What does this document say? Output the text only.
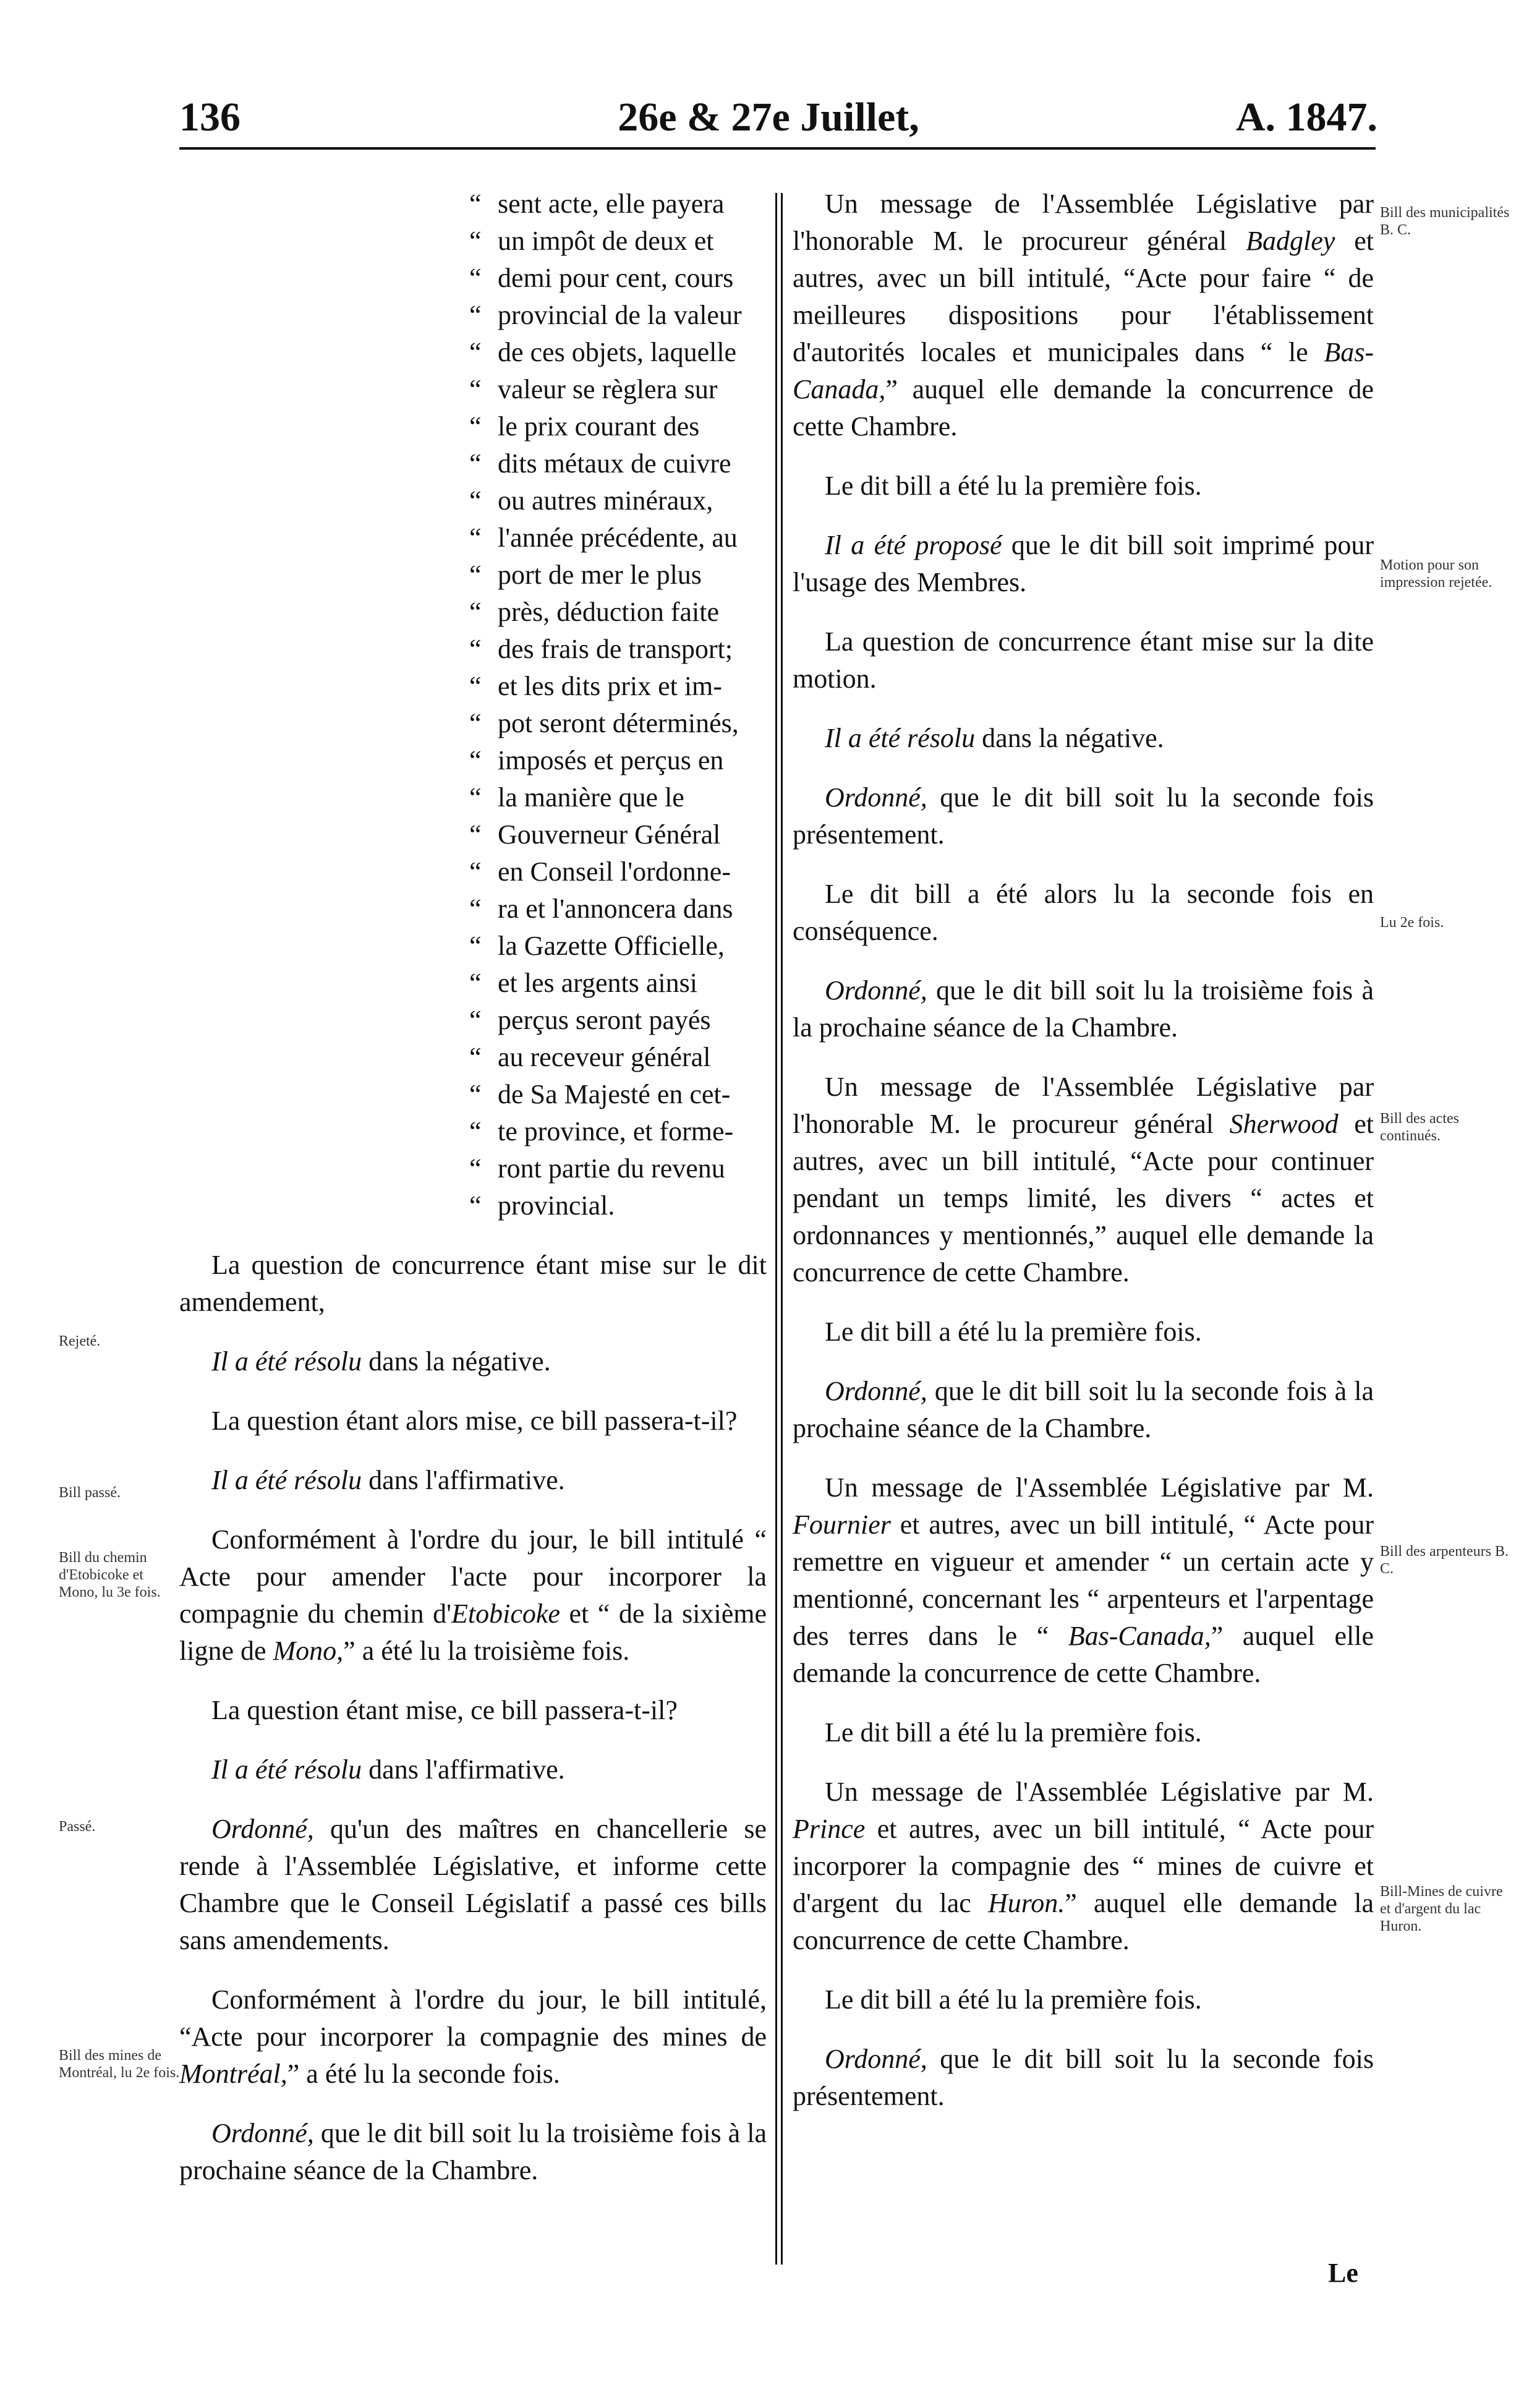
26e & 27e Juillet,
136	A. 1847.
“ sent acte, elle payera
“ un impôt de deux et
“ demi pour cent, cours
“ provincial de la valeur
“ de ces objets, laquelle
“ valeur se règlera sur
“ le prix courant des
“ dits métaux de cuivre
“ ou autres minéraux,
“ l'année précédente, au
“ port de mer le plus
“ près, déduction faite
“ des frais de transport;
“ et les dits prix et im-
“ pot seront déterminés,
“ imposés et perçus en
“ la manière que le
“ Gouverneur Général
“ en Conseil l'ordonne-
“ ra et l'annoncera dans
“ la Gazette Officielle,
“ et les argents ainsi
“ perçus seront payés
“ au receveur général
“ de Sa Majesté en cet-
“ te province, et forme-
“ ront partie du revenu
“ provincial.

La question de concurrence étant mise sur le dit amendement,

Il a été résolu dans la négative.

La question étant alors mise, ce bill passera-t-il?

Il a été résolu dans l'affirmative.

Conformément à l'ordre du jour, le bill intitulé “ Acte pour amender l'acte pour incorporer la compagnie du chemin d'Etobicoke et “ de la sixième ligne de Mono,” a été lu la troisième fois.

La question étant mise, ce bill passera-t-il?

Il a été résolu dans l'affirmative.

Ordonné, qu'un des maîtres en chancellerie se rende à l'Assemblée Législative, et informe cette Chambre que le Conseil Législatif a passé ces bills sans amendements.

Conformément à l'ordre du jour, le bill intitulé, “Acte pour incorporer la compagnie des mines de Montréal,” a été lu la seconde fois.

Ordonné, que le dit bill soit lu la troisième fois à la prochaine séance de la Chambre.

Rejeté.
Bill passé.
Bill du chemin d'Etobicoke et Mono, lu 3e fois.
Passé.
Bill des mines de Montréal, lu 2e fois.

Un message de l'Assemblée Législative par l'honorable M. le procureur général Badgley et autres, avec un bill intitulé, “Acte pour faire “ de meilleures dispositions pour l'établissement d'autorités locales et municipales dans “ le Bas-Canada,” auquel elle demande la concurrence de cette Chambre.

Le dit bill a été lu la première fois.

Il a été proposé que le dit bill soit imprimé pour l'usage des Membres.

La question de concurrence étant mise sur la dite motion.

Il a été résolu dans la négative.

Ordonné, que le dit bill soit lu la seconde fois présentement.

Le dit bill a été alors lu la seconde fois en conséquence.

Ordonné, que le dit bill soit lu la troisième fois à la prochaine séance de la Chambre.

Un message de l'Assemblée Législative par l'honorable M. le procureur général Sherwood et autres, avec un bill intitulé, “Acte pour continuer pendant un temps limité, les divers “ actes et ordonnances y mentionnés,” auquel elle demande la concurrence de cette Chambre.

Le dit bill a été lu la première fois.

Ordonné, que le dit bill soit lu la seconde fois à la prochaine séance de la Chambre.

Un message de l'Assemblée Législative par M. Fournier et autres, avec un bill intitulé, “ Acte pour remettre en vigueur et amender “ un certain acte y mentionné, concernant les “ arpenteurs et l'arpentage des terres dans le “ Bas-Canada,” auquel elle demande la concurrence de cette Chambre.

Le dit bill a été lu la première fois.

Un message de l'Assemblée Législative par M. Prince et autres, avec un bill intitulé, “ Acte pour incorporer la compagnie des “ mines de cuivre et d'argent du lac Huron.” auquel elle demande la concurrence de cette Chambre.

Le dit bill a été lu la première fois.

Ordonné, que le dit bill soit lu la seconde fois présentement.

Bill des municipalités B. C.
Motion pour son impression rejetée.
Lu 2e fois.
Bill des actes continués.
Bill des arpenteurs B. C.
Bill-Mines de cuivre et d'argent du lac Huron.
Le
